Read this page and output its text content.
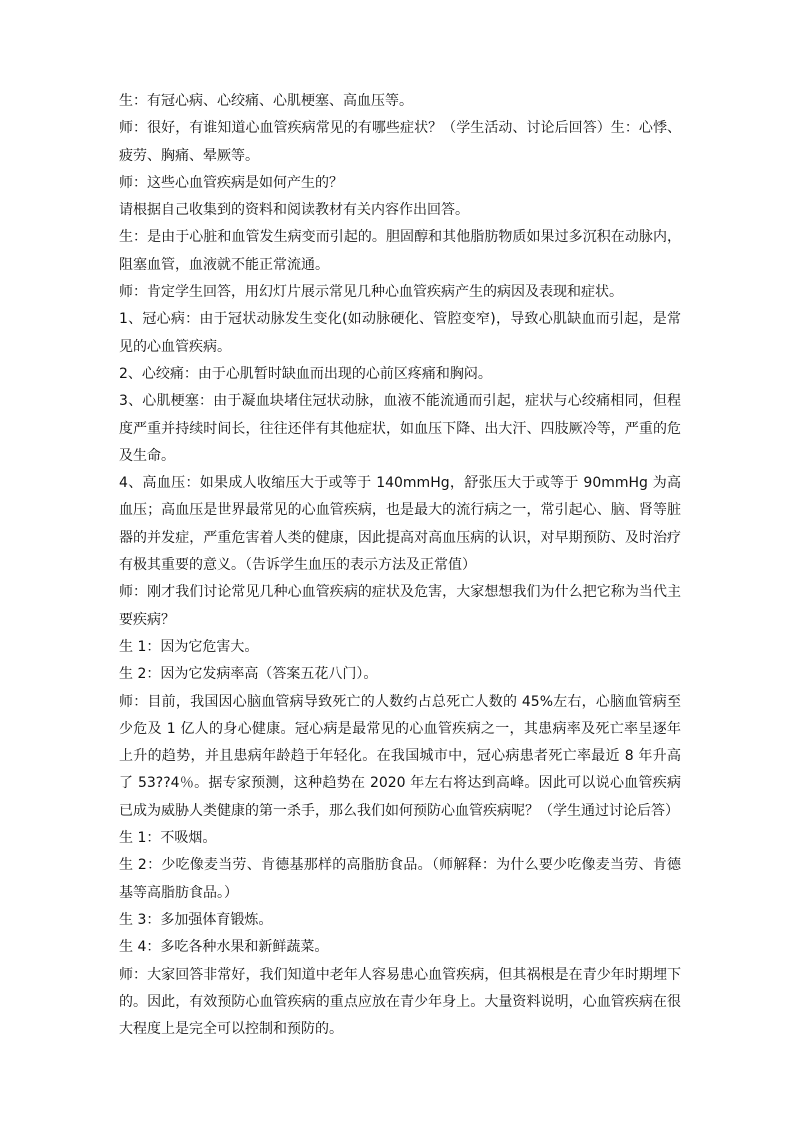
生：有冠心病、心绞痛、心肌梗塞、高血压等。

师：很好，有谁知道心血管疾病常见的有哪些症状？（学生活动、讨论后回答）生：心悸、疲劳、胸痛、晕厥等。

师：这些心血管疾病是如何产生的？

请根据自己收集到的资料和阅读教材有关内容作出回答。

生：是由于心脏和血管发生病变而引起的。胆固醇和其他脂肪物质如果过多沉积在动脉内，阻塞血管，血液就不能正常流通。

师：肯定学生回答，用幻灯片展示常见几种心血管疾病产生的病因及表现和症状。

1、冠心病：由于冠状动脉发生变化(如动脉硬化、管腔变窄)，导致心肌缺血而引起，是常见的心血管疾病。

2、心绞痛：由于心肌暂时缺血而出现的心前区疼痛和胸闷。

3、心肌梗塞：由于凝血块堵住冠状动脉，血液不能流通而引起，症状与心绞痛相同，但程度严重并持续时间长，往往还伴有其他症状，如血压下降、出大汗、四肢厥冷等，严重的危及生命。

4、高血压：如果成人收缩压大于或等于 140mmHg，舒张压大于或等于 90mmHg 为高血压；高血压是世界最常见的心血管疾病，也是最大的流行病之一，常引起心、脑、肾等脏器的并发症，严重危害着人类的健康，因此提高对高血压病的认识，对早期预防、及时治疗有极其重要的意义。（告诉学生血压的表示方法及正常值）

师：刚才我们讨论常见几种心血管疾病的症状及危害，大家想想我们为什么把它称为当代主要疾病？

生 1：因为它危害大。

生 2：因为它发病率高（答案五花八门）。

师：目前，我国因心脑血管病导致死亡的人数约占总死亡人数的 45%左右，心脑血管病至少危及 1 亿人的身心健康。冠心病是最常见的心血管疾病之一，其患病率及死亡率呈逐年上升的趋势，并且患病年龄趋于年轻化。在我国城市中，冠心病患者死亡率最近 8 年升高了 53??4％。据专家预测，这种趋势在 2020 年左右将达到高峰。因此可以说心血管疾病已成为威胁人类健康的第一杀手，那么我们如何预防心血管疾病呢？（学生通过讨论后答）

生 1：不吸烟。

生 2：少吃像麦当劳、肯德基那样的高脂肪食品。（师解释：为什么要少吃像麦当劳、肯德基等高脂肪食品。）

生 3：多加强体育锻炼。

生 4：多吃各种水果和新鲜蔬菜。

师：大家回答非常好，我们知道中老年人容易患心血管疾病，但其祸根是在青少年时期埋下的。因此，有效预防心血管疾病的重点应放在青少年身上。大量资料说明，心血管疾病在很大程度上是完全可以控制和预防的。
